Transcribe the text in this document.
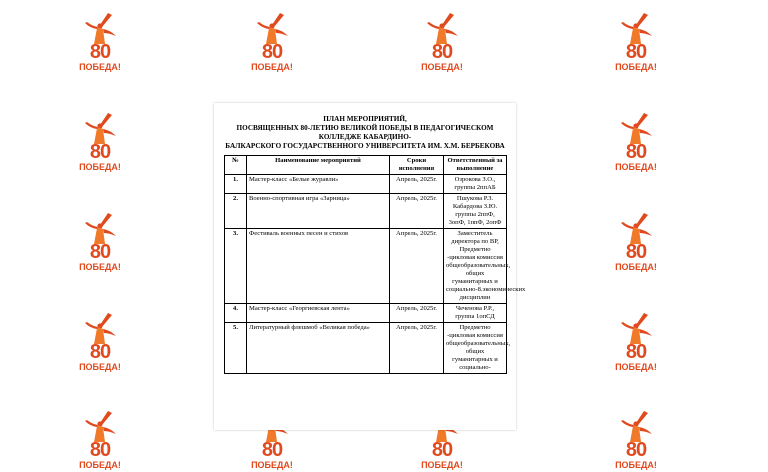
80
ПОБЕДА!
80
ПОБЕДА!
80
ПОБЕДА!
80
ПОБЕДА!
80
ПОБЕДА!
80
ПОБЕДА!
80
ПОБЕДА!
80
ПОБЕДА!
80
ПОБЕДА!
80
ПОБЕДА!
80
ПОБЕДА!
80
ПОБЕДА!
80
ПОБЕДА!
80
ПОБЕДА!
ПЛАН МЕРОПРИЯТИЙ,
ПОСВЯЩЕННЫХ 80-ЛЕТИЮ ВЕЛИКОЙ ПОБЕДЫ В ПЕДАГОГИЧЕСКОМ КОЛЛЕДЖЕ КАБАРДИНО-
БАЛКАРСКОГО ГОСУДАРСТВЕННОГО УНИВЕРСИТЕТА ИМ. Х.М. БЕРБЕКОВА
№	Наименование мероприятий	Сроки исполнения	Ответственный за выполнение
1.	Мастер-класс «Белые журавли»	Апрель, 2025г.	Озрокова З.О., группы 2ппАБ
2.	Военно-спортивная игра «Зарница»	Апрель, 2025г.	Пшукова Р.З. Кабардова З.Ю. группы 2ппФ, 3опФ, 1ппФ, 2опФ
3.	Фестиваль военных песен и стихов	Апрель, 2025г.	Заместитель директора по ВР, Предметно -цикловая комиссия общеобразовательных, общих гуманитарных и социально-8.экономических дисциплин
4.	Мастер-класс «Георгиевская лента»	Апрель, 2025г.	Чеченова Р.Р., группа 1опСД
5.	Литературный флешмоб «Великая победа»	Апрель, 2025г.	Предметно -цикловая комиссия общеобразовательных, общих гуманитарных и социально-
